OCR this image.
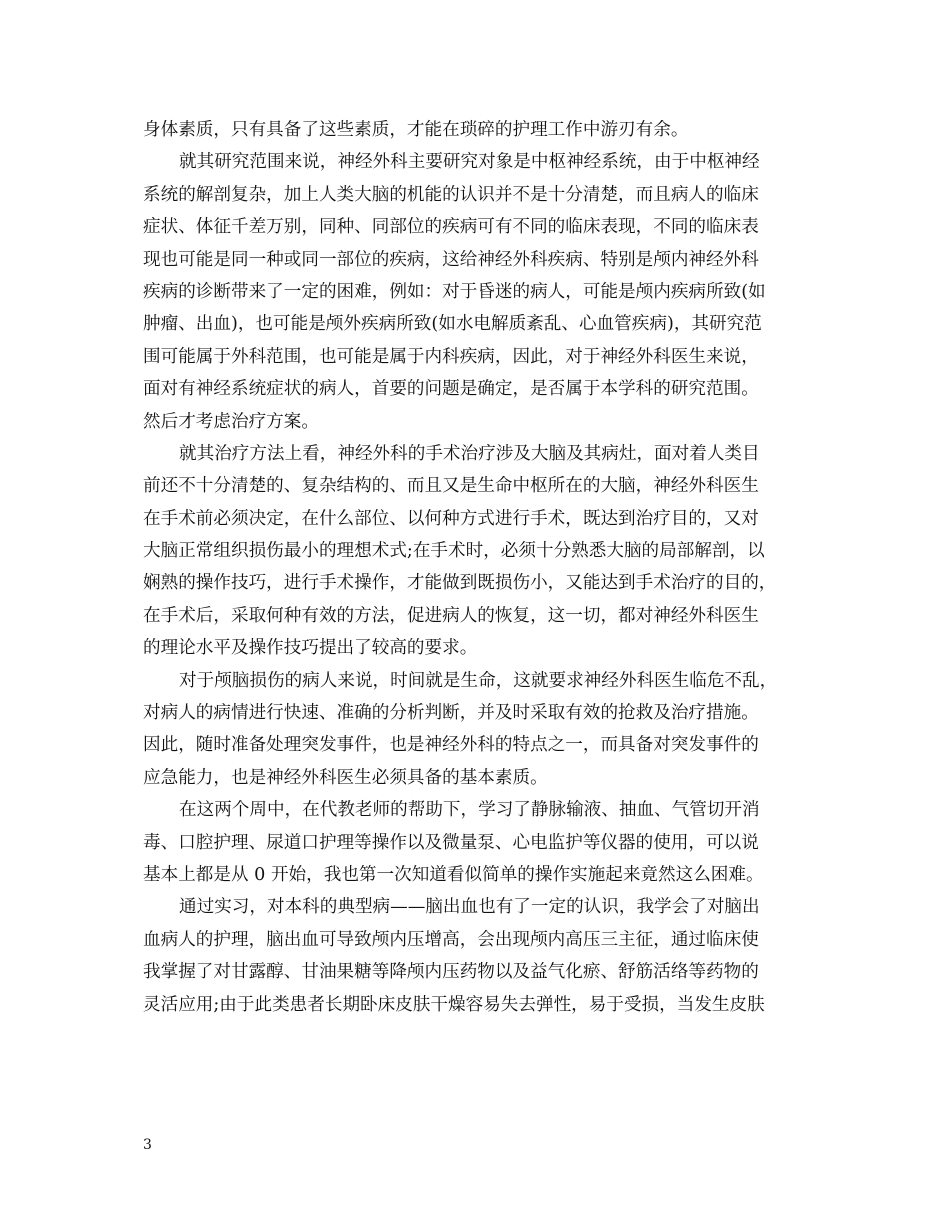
身体素质，只有具备了这些素质，才能在琐碎的护理工作中游刃有余。
就其研究范围来说，神经外科主要研究对象是中枢神经系统，由于中枢神经
系统的解剖复杂，加上人类大脑的机能的认识并不是十分清楚，而且病人的临床
症状、体征千差万别，同种、同部位的疾病可有不同的临床表现，不同的临床表
现也可能是同一种或同一部位的疾病，这给神经外科疾病、特别是颅内神经外科
疾病的诊断带来了一定的困难，例如：对于昏迷的病人，可能是颅内疾病所致(如
肿瘤、出血)，也可能是颅外疾病所致(如水电解质紊乱、心血管疾病)，其研究范
围可能属于外科范围，也可能是属于内科疾病，因此，对于神经外科医生来说，
面对有神经系统症状的病人，首要的问题是确定，是否属于本学科的研究范围。
然后才考虑治疗方案。
就其治疗方法上看，神经外科的手术治疗涉及大脑及其病灶，面对着人类目
前还不十分清楚的、复杂结构的、而且又是生命中枢所在的大脑，神经外科医生
在手术前必须决定，在什么部位、以何种方式进行手术，既达到治疗目的，又对
大脑正常组织损伤最小的理想术式;在手术时，必须十分熟悉大脑的局部解剖，以
娴熟的操作技巧，进行手术操作，才能做到既损伤小，又能达到手术治疗的目的，
在手术后，采取何种有效的方法，促进病人的恢复，这一切，都对神经外科医生
的理论水平及操作技巧提出了较高的要求。
对于颅脑损伤的病人来说，时间就是生命，这就要求神经外科医生临危不乱，
对病人的病情进行快速、准确的分析判断，并及时采取有效的抢救及治疗措施。
因此，随时准备处理突发事件，也是神经外科的特点之一，而具备对突发事件的
应急能力，也是神经外科医生必须具备的基本素质。
在这两个周中，在代教老师的帮助下，学习了静脉输液、抽血、气管切开消
毒、口腔护理、尿道口护理等操作以及微量泵、心电监护等仪器的使用，可以说
基本上都是从 0 开始，我也第一次知道看似简单的操作实施起来竟然这么困难。
通过实习，对本科的典型病——脑出血也有了一定的认识，我学会了对脑出
血病人的护理，脑出血可导致颅内压增高，会出现颅内高压三主征，通过临床使
我掌握了对甘露醇、甘油果糖等降颅内压药物以及益气化瘀、舒筋活络等药物的
灵活应用;由于此类患者长期卧床皮肤干燥容易失去弹性，易于受损，当发生皮肤
3
